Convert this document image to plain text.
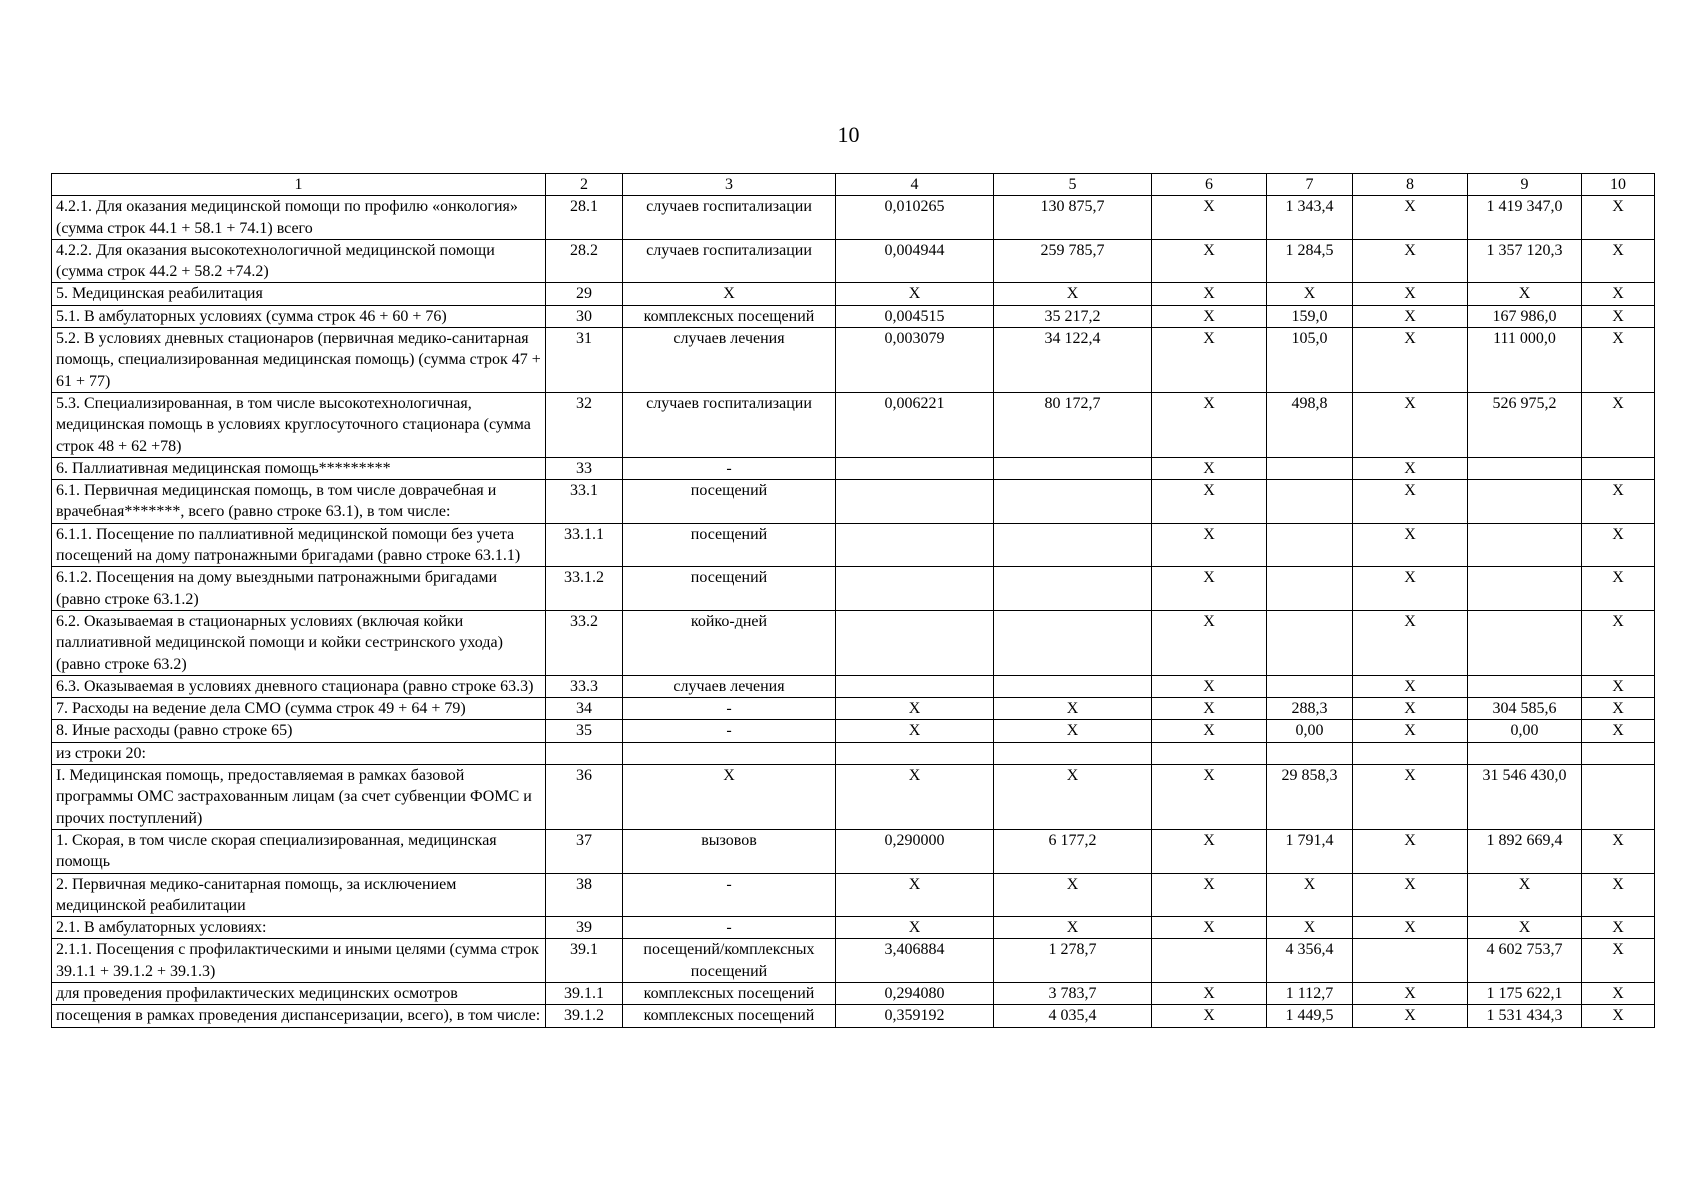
10
1	2	3	4	5	6	7	8	9	10
4.2.1. Для оказания медицинской помощи по профилю «онкология» (сумма строк 44.1 + 58.1 + 74.1) всего	28.1	случаев госпитализации	0,010265	130 875,7	X	1 343,4	X	1 419 347,0	X
4.2.2. Для оказания высокотехнологичной медицинской помощи (сумма строк 44.2 + 58.2 +74.2)	28.2	случаев госпитализации	0,004944	259 785,7	X	1 284,5	X	1 357 120,3	X
5. Медицинская реабилитация	29	X	X	X	X	X	X	X	X
5.1. В амбулаторных условиях (сумма строк 46 + 60 + 76)	30	комплексных посещений	0,004515	35 217,2	X	159,0	X	167 986,0	X
5.2. В условиях дневных стационаров (первичная медико-санитарная помощь, специализированная медицинская помощь) (сумма строк 47 + 61 + 77)	31	случаев лечения	0,003079	34 122,4	X	105,0	X	111 000,0	X
5.3. Специализированная, в том числе высокотехнологичная, медицинская помощь в условиях круглосуточного стационара (сумма строк 48 + 62 +78)	32	случаев госпитализации	0,006221	80 172,7	X	498,8	X	526 975,2	X
6. Паллиативная медицинская помощь*********	33	-			X		X		
6.1. Первичная медицинская помощь, в том числе доврачебная и врачебная*******, всего (равно строке 63.1), в том числе:	33.1	посещений			X		X		X
6.1.1. Посещение по паллиативной медицинской помощи без учета посещений на дому патронажными бригадами (равно строке 63.1.1)	33.1.1	посещений			X		X		X
6.1.2. Посещения на дому выездными патронажными бригадами (равно строке 63.1.2)	33.1.2	посещений			X		X		X
6.2. Оказываемая в стационарных условиях (включая койки паллиативной медицинской помощи и койки сестринского ухода) (равно строке 63.2)	33.2	койко-дней			X		X		X
6.3. Оказываемая в условиях дневного стационара (равно строке 63.3)	33.3	случаев лечения			X		X		X
7. Расходы на ведение дела СМО (сумма строк 49 + 64 + 79)	34	-	X	X	X	288,3	X	304 585,6	X
8. Иные расходы (равно строке 65)	35	-	X	X	X	0,00	X	0,00	X
из строки 20:									
I. Медицинская помощь, предоставляемая в рамках базовой программы ОМС застрахованным лицам (за счет субвенции ФОМС и прочих поступлений)	36	X	X	X	X	29 858,3	X	31 546 430,0	
1. Скорая, в том числе скорая специализированная, медицинская помощь	37	вызовов	0,290000	6 177,2	X	1 791,4	X	1 892 669,4	X
2. Первичная медико-санитарная помощь, за исключением медицинской реабилитации	38	-	X	X	X	X	X	X	X
2.1. В амбулаторных условиях:	39	-	X	X	X	X	X	X	X
2.1.1. Посещения с профилактическими и иными целями (сумма строк 39.1.1 + 39.1.2 + 39.1.3)	39.1	посещений/комплексных посещений	3,406884	1 278,7		4 356,4		4 602 753,7	X
для проведения профилактических медицинских осмотров	39.1.1	комплексных посещений	0,294080	3 783,7	X	1 112,7	X	1 175 622,1	X
посещения в рамках проведения диспансеризации, всего), в том числе:	39.1.2	комплексных посещений	0,359192	4 035,4	X	1 449,5	X	1 531 434,3	X
